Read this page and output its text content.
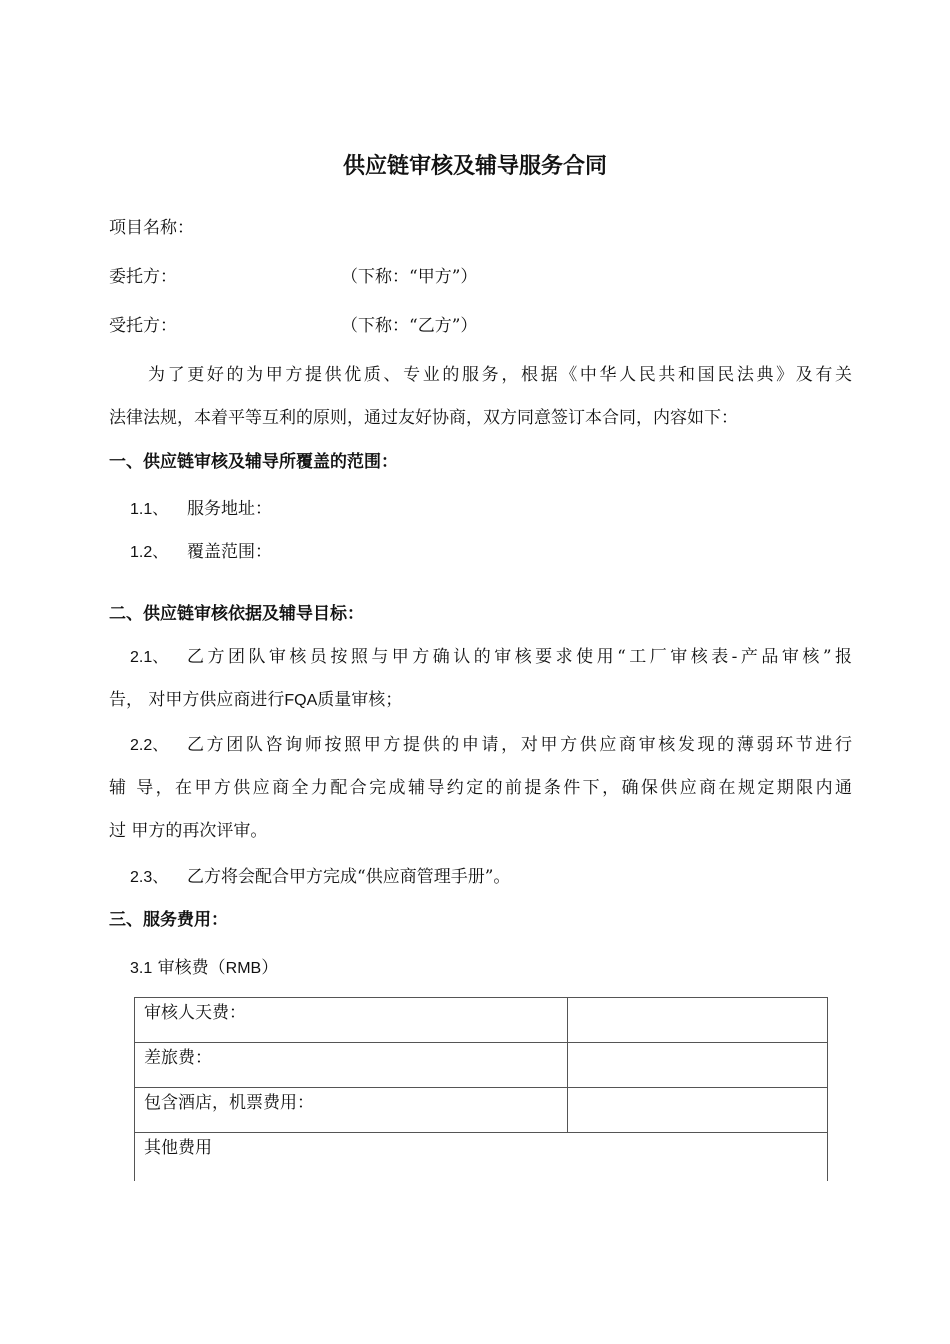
供应链审核及辅导服务合同
项目名称：
委托方：	（下称：“甲方”）
受托方：	（下称：“乙方”）
为了更好的为甲方提供优质、专业的服务，根据《中华人民共和国民法典》及有关
法律法规，本着平等互利的原则，通过友好协商，双方同意签订本合同，内容如下：
一、供应链审核及辅导所覆盖的范围：
1.1、 服务地址：
1.2、 覆盖范围：
二、供应链审核依据及辅导目标：
2.1、 乙方团队审核员按照与甲方确认的审核要求使用“工厂审核表-产品审核”报
告， 对甲方供应商进行FQA质量审核；
2.2、 乙方团队咨询师按照甲方提供的申请，对甲方供应商审核发现的薄弱环节进行
辅 导，在甲方供应商全力配合完成辅导约定的前提条件下，确保供应商在规定期限内通
过 甲方的再次评审。
2.3、 乙方将会配合甲方完成“供应商管理手册”。
三、服务费用：
3.1 审核费（RMB）
审核人天费：	
差旅费：	
包含酒店，机票费用：	
其他费用	
